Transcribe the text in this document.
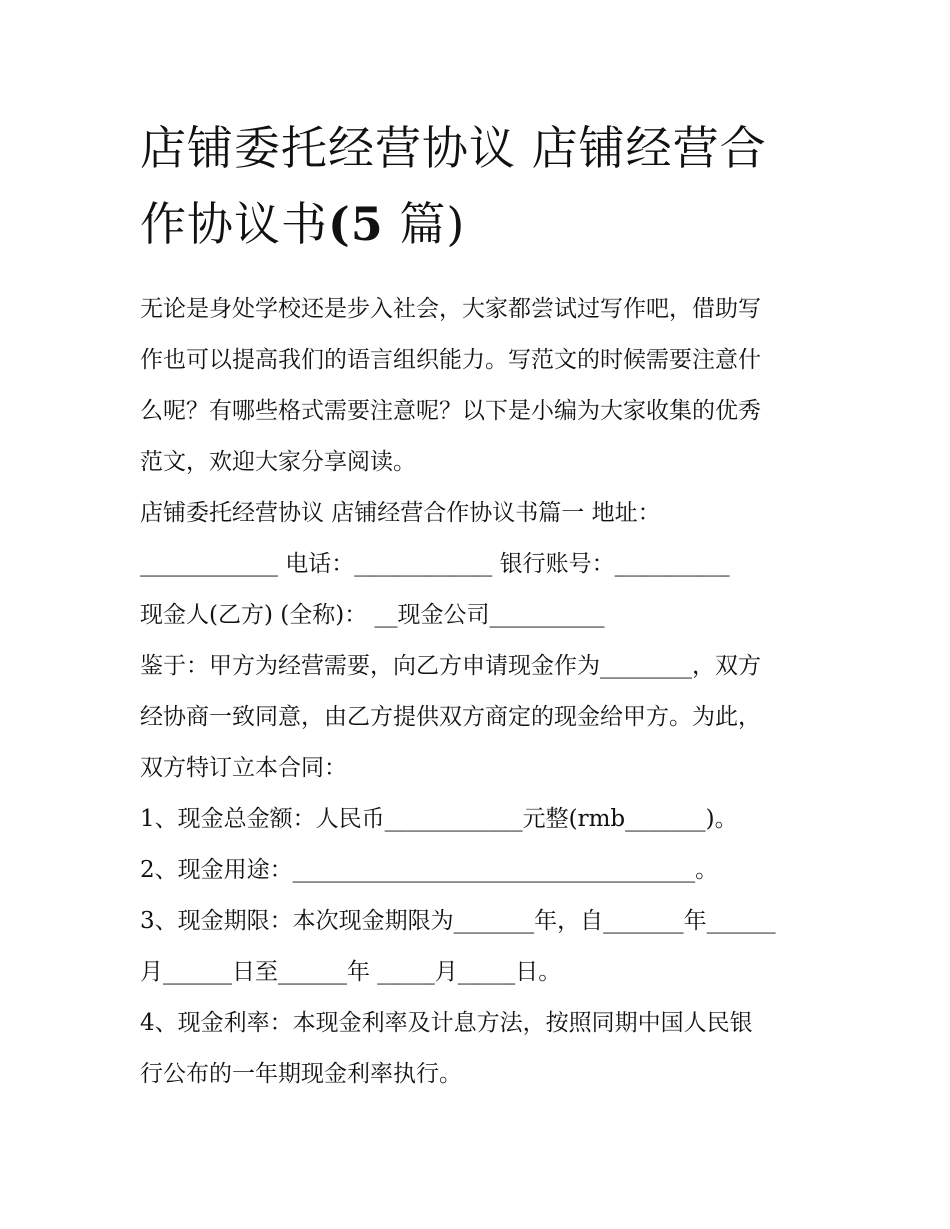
店铺委托经营协议 店铺经营合
作协议书(5 篇)
无论是身处学校还是步入社会，大家都尝试过写作吧，借助写
作也可以提高我们的语言组织能力。写范文的时候需要注意什
么呢？有哪些格式需要注意呢？以下是小编为大家收集的优秀
范文，欢迎大家分享阅读。
店铺委托经营协议 店铺经营合作协议书篇一 地址：
____________ 电话：____________ 银行账号：__________
现金人(乙方) (全称)： __现金公司__________
鉴于：甲方为经营需要，向乙方申请现金作为________，双方
经协商一致同意，由乙方提供双方商定的现金给甲方。为此，
双方特订立本合同：
1、现金总金额：人民币____________元整(rmb_______)。
2、现金用途：___________________________________。
3、现金期限：本次现金期限为_______年，自_______年______
月______日至______年 _____月_____日。
4、现金利率：本现金利率及计息方法，按照同期中国人民银
行公布的一年期现金利率执行。
